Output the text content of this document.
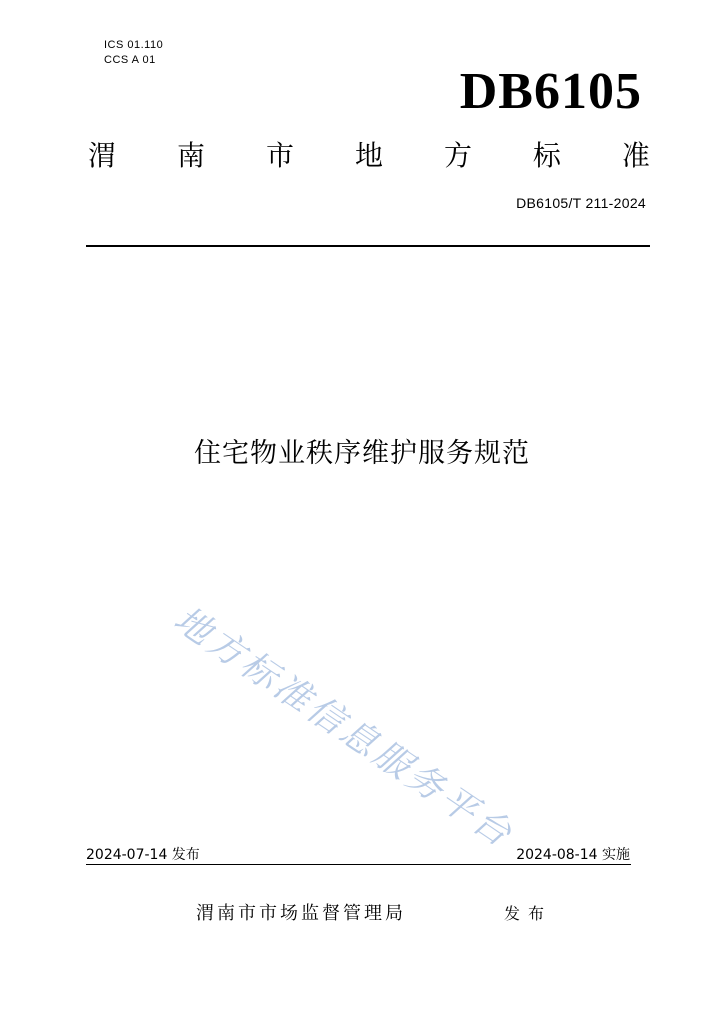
ICS 01.110
CCS A 01
DB6105
渭 南 市 地 方 标 准
DB6105/T 211-2024
住宅物业秩序维护服务规范
地方标准信息服务平台
2024-07-14 发布	2024-08-14 实施
渭南市市场监督管理局	发布
